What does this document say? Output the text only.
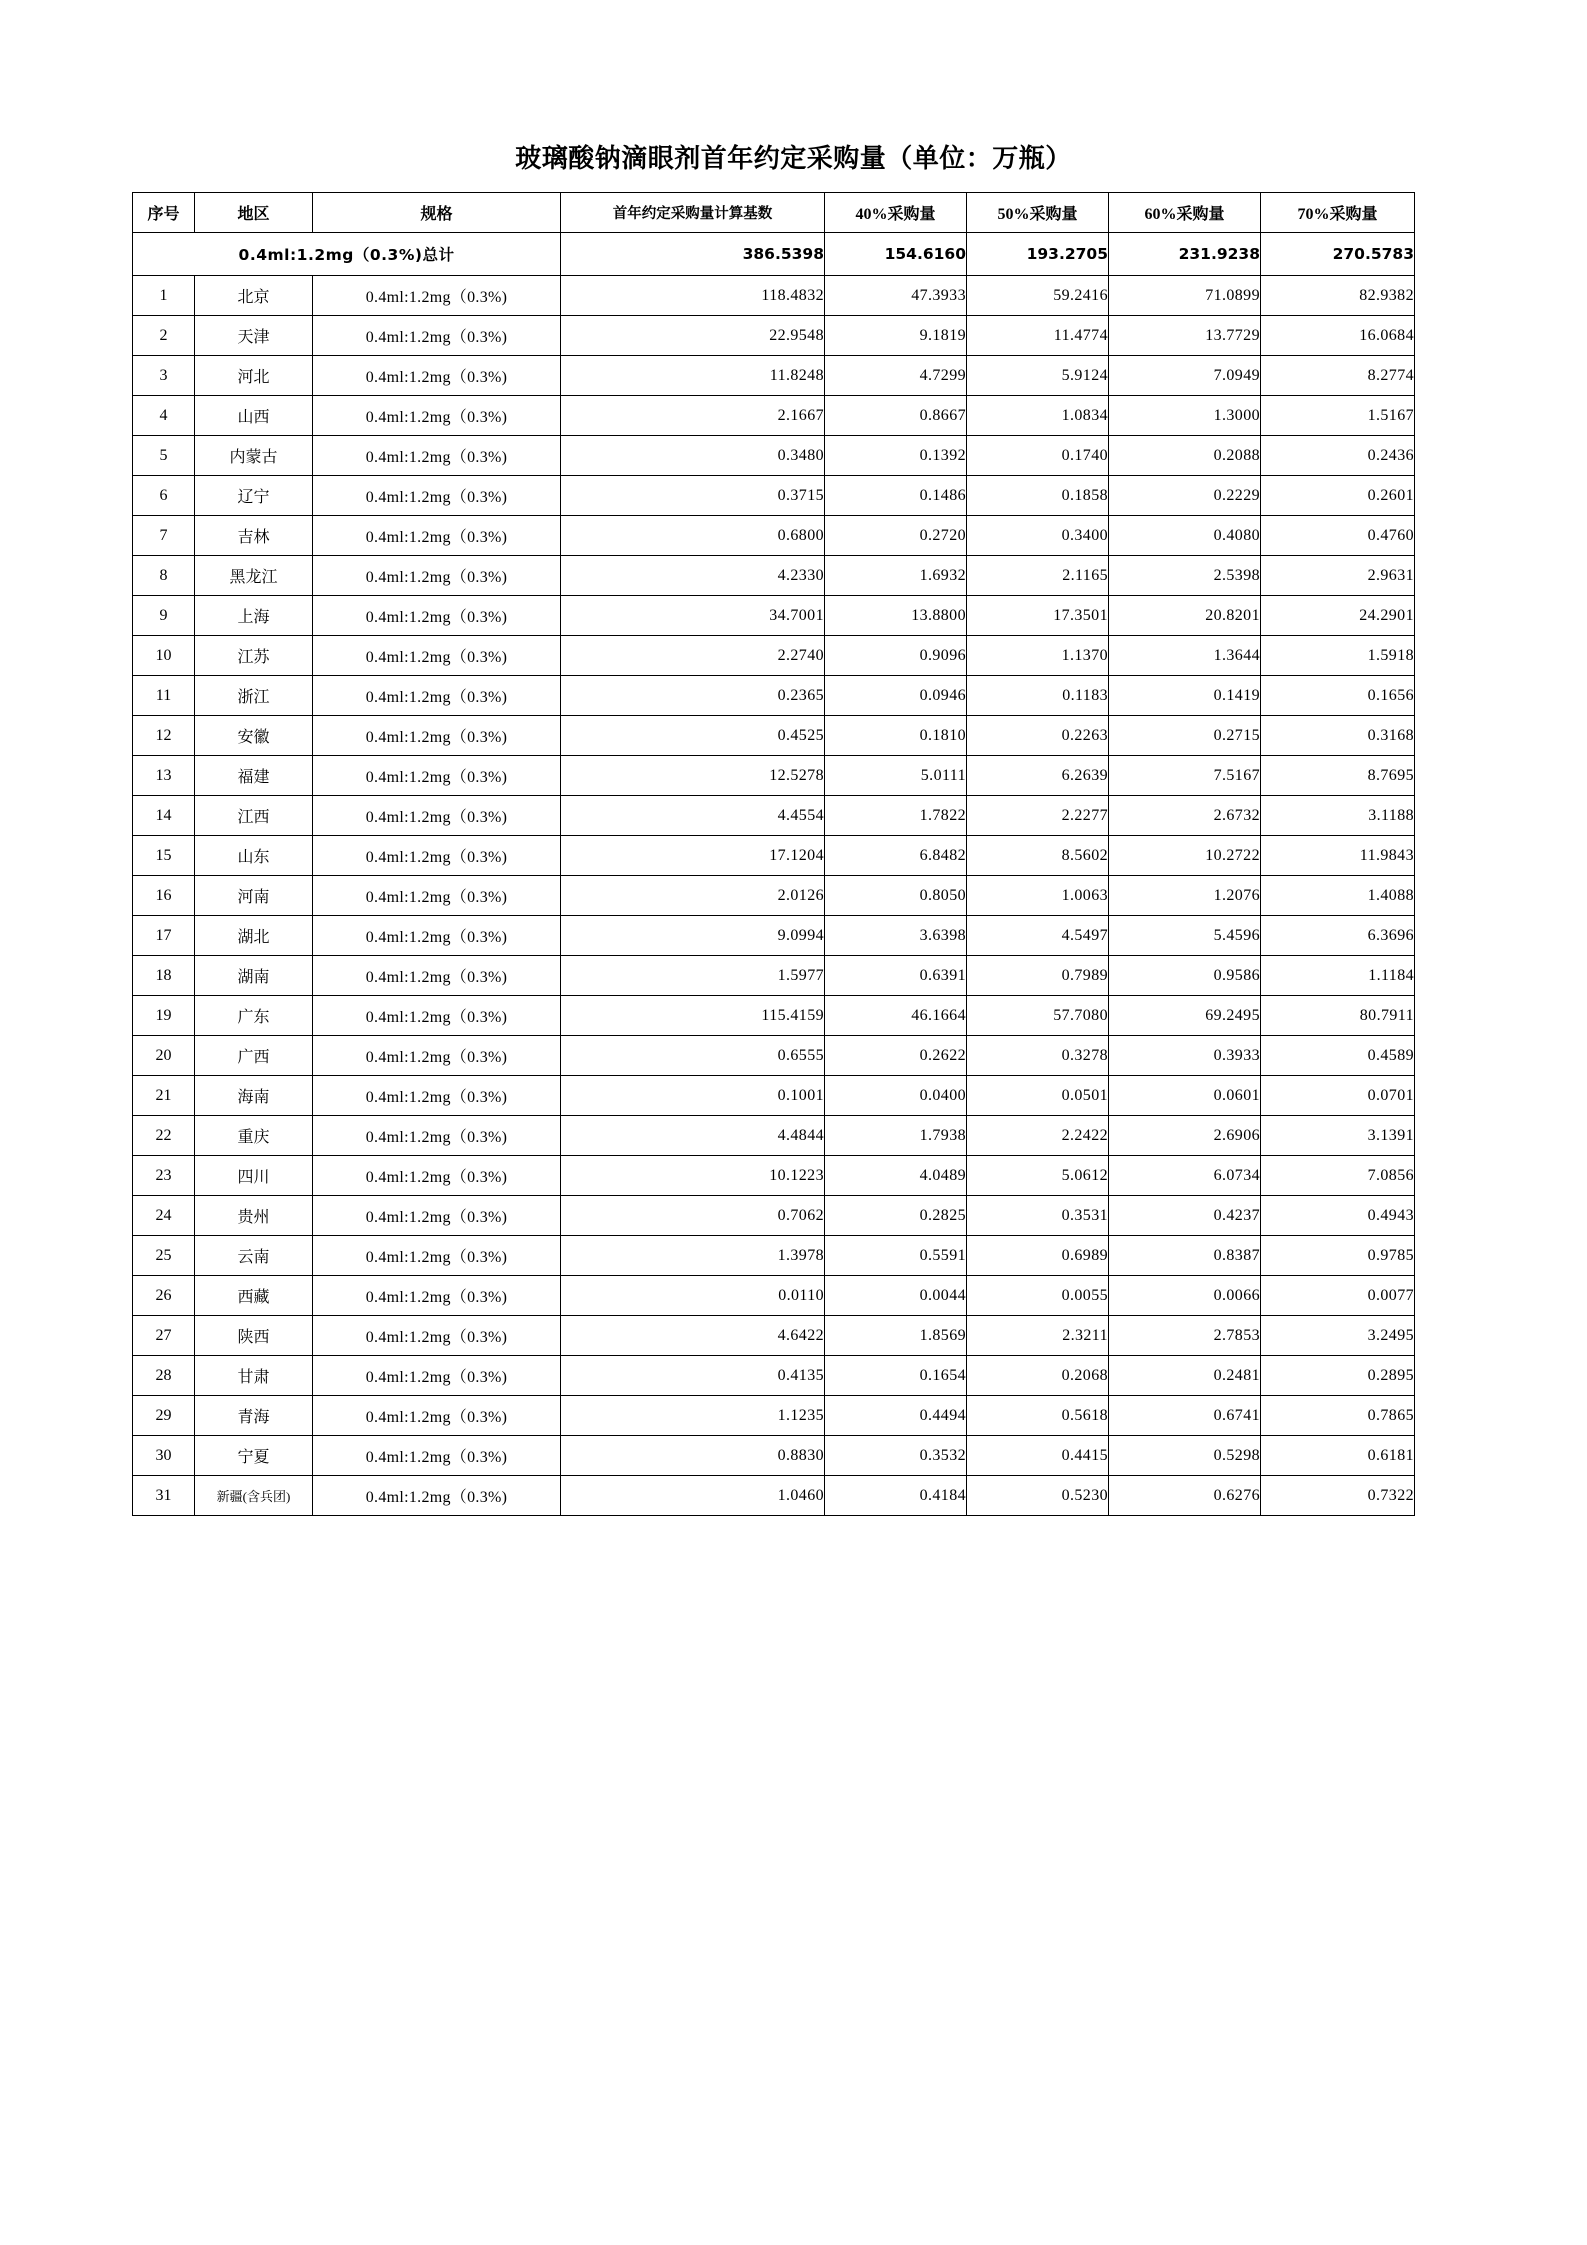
玻璃酸钠滴眼剂首年约定采购量（单位：万瓶）
序号	地区	规格	首年约定采购量计算基数	40%采购量	50%采购量	60%采购量	70%采购量
0.4ml:1.2mg（0.3%)总计			386.5398	154.6160	193.2705	231.9238	270.5783
1	北京	0.4ml:1.2mg（0.3%)	118.4832	47.3933	59.2416	71.0899	82.9382
2	天津	0.4ml:1.2mg（0.3%)	22.9548	9.1819	11.4774	13.7729	16.0684
3	河北	0.4ml:1.2mg（0.3%)	11.8248	4.7299	5.9124	7.0949	8.2774
4	山西	0.4ml:1.2mg（0.3%)	2.1667	0.8667	1.0834	1.3000	1.5167
5	内蒙古	0.4ml:1.2mg（0.3%)	0.3480	0.1392	0.1740	0.2088	0.2436
6	辽宁	0.4ml:1.2mg（0.3%)	0.3715	0.1486	0.1858	0.2229	0.2601
7	吉林	0.4ml:1.2mg（0.3%)	0.6800	0.2720	0.3400	0.4080	0.4760
8	黑龙江	0.4ml:1.2mg（0.3%)	4.2330	1.6932	2.1165	2.5398	2.9631
9	上海	0.4ml:1.2mg（0.3%)	34.7001	13.8800	17.3501	20.8201	24.2901
10	江苏	0.4ml:1.2mg（0.3%)	2.2740	0.9096	1.1370	1.3644	1.5918
11	浙江	0.4ml:1.2mg（0.3%)	0.2365	0.0946	0.1183	0.1419	0.1656
12	安徽	0.4ml:1.2mg（0.3%)	0.4525	0.1810	0.2263	0.2715	0.3168
13	福建	0.4ml:1.2mg（0.3%)	12.5278	5.0111	6.2639	7.5167	8.7695
14	江西	0.4ml:1.2mg（0.3%)	4.4554	1.7822	2.2277	2.6732	3.1188
15	山东	0.4ml:1.2mg（0.3%)	17.1204	6.8482	8.5602	10.2722	11.9843
16	河南	0.4ml:1.2mg（0.3%)	2.0126	0.8050	1.0063	1.2076	1.4088
17	湖北	0.4ml:1.2mg（0.3%)	9.0994	3.6398	4.5497	5.4596	6.3696
18	湖南	0.4ml:1.2mg（0.3%)	1.5977	0.6391	0.7989	0.9586	1.1184
19	广东	0.4ml:1.2mg（0.3%)	115.4159	46.1664	57.7080	69.2495	80.7911
20	广西	0.4ml:1.2mg（0.3%)	0.6555	0.2622	0.3278	0.3933	0.4589
21	海南	0.4ml:1.2mg（0.3%)	0.1001	0.0400	0.0501	0.0601	0.0701
22	重庆	0.4ml:1.2mg（0.3%)	4.4844	1.7938	2.2422	2.6906	3.1391
23	四川	0.4ml:1.2mg（0.3%)	10.1223	4.0489	5.0612	6.0734	7.0856
24	贵州	0.4ml:1.2mg（0.3%)	0.7062	0.2825	0.3531	0.4237	0.4943
25	云南	0.4ml:1.2mg（0.3%)	1.3978	0.5591	0.6989	0.8387	0.9785
26	西藏	0.4ml:1.2mg（0.3%)	0.0110	0.0044	0.0055	0.0066	0.0077
27	陕西	0.4ml:1.2mg（0.3%)	4.6422	1.8569	2.3211	2.7853	3.2495
28	甘肃	0.4ml:1.2mg（0.3%)	0.4135	0.1654	0.2068	0.2481	0.2895
29	青海	0.4ml:1.2mg（0.3%)	1.1235	0.4494	0.5618	0.6741	0.7865
30	宁夏	0.4ml:1.2mg（0.3%)	0.8830	0.3532	0.4415	0.5298	0.6181
31	新疆(含兵团)	0.4ml:1.2mg（0.3%)	1.0460	0.4184	0.5230	0.6276	0.7322
